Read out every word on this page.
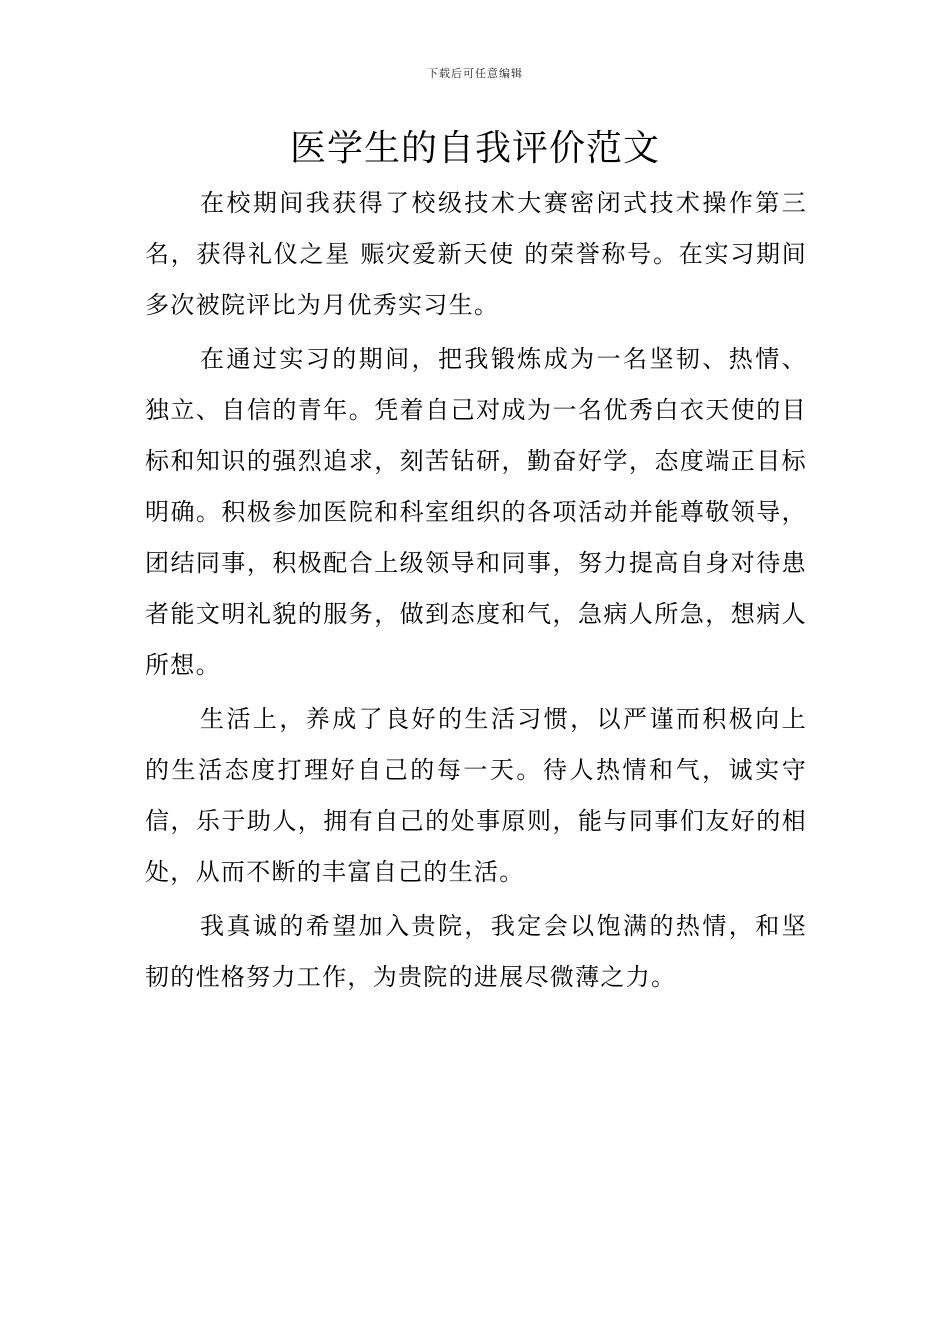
下载后可任意编辑
医学生的自我评价范文

在校期间我获得了校级技术大赛密闭式技术操作第三名，获得礼仪之星 赈灾爱新天使 的荣誉称号。在实习期间多次被院评比为月优秀实习生。

在通过实习的期间，把我锻炼成为一名坚韧、热情、独立、自信的青年。凭着自己对成为一名优秀白衣天使的目标和知识的强烈追求，刻苦钻研，勤奋好学，态度端正目标明确。积极参加医院和科室组织的各项活动并能尊敬领导，团结同事，积极配合上级领导和同事，努力提高自身对待患者能文明礼貌的服务，做到态度和气，急病人所急，想病人所想。

生活上，养成了良好的生活习惯，以严谨而积极向上的生活态度打理好自己的每一天。待人热情和气，诚实守信，乐于助人，拥有自己的处事原则，能与同事们友好的相处，从而不断的丰富自己的生活。

我真诚的希望加入贵院，我定会以饱满的热情，和坚韧的性格努力工作，为贵院的进展尽微薄之力。
